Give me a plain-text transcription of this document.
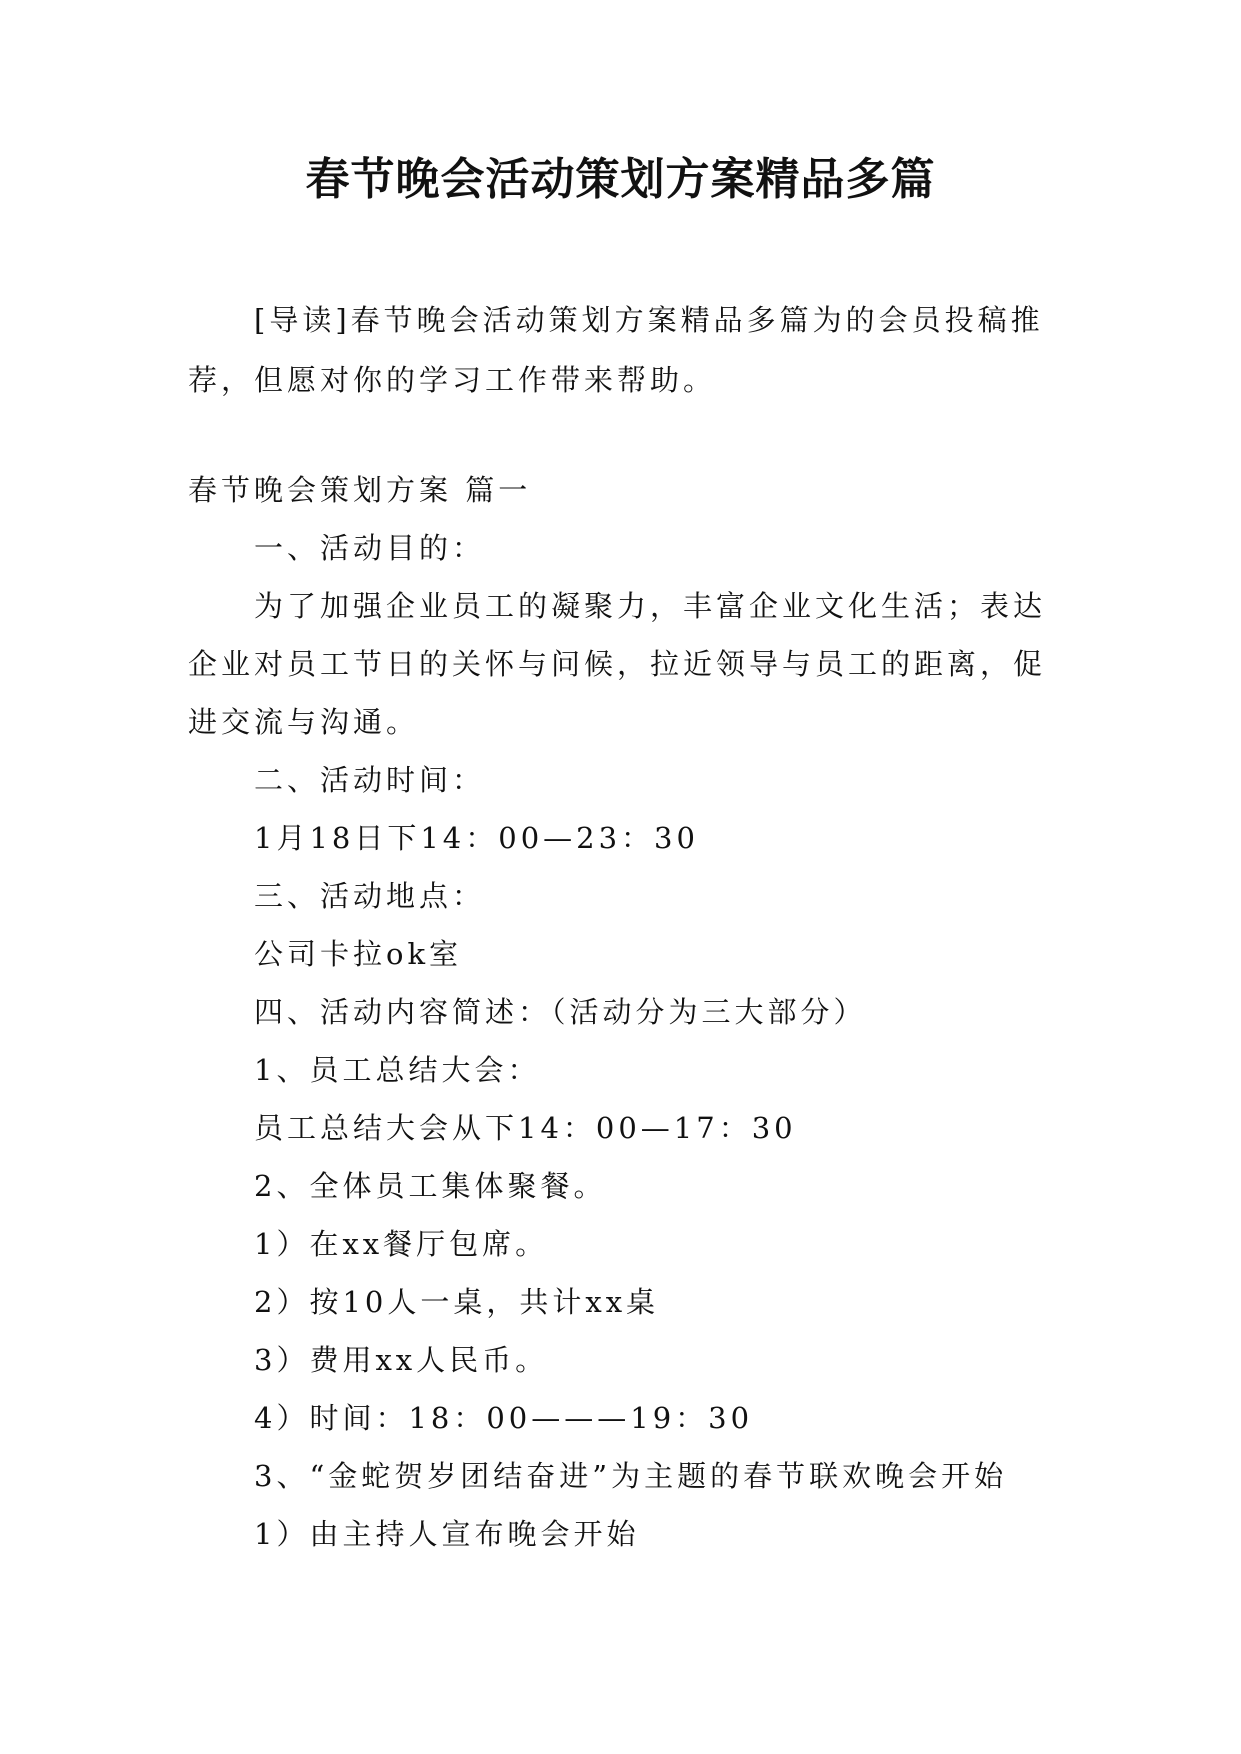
春节晚会活动策划方案精品多篇
[导读]春节晚会活动策划方案精品多篇为的会员投稿推荐，但愿对你的学习工作带来帮助。

春节晚会策划方案 篇一

一、活动目的：

为了加强企业员工的凝聚力，丰富企业文化生活；表达企业对员工节日的关怀与问候，拉近领导与员工的距离，促进交流与沟通。

二、活动时间：

1月18日下14：00—23：30

三、活动地点：

公司卡拉ok室

四、活动内容简述：（活动分为三大部分）

1、员工总结大会：

员工总结大会从下14：00—17：30

2、全体员工集体聚餐。

1）在xx餐厅包席。

2）按10人一桌，共计xx桌

3）费用xx人民币。

4）时间：18：00———19：30

3、“金蛇贺岁团结奋进”为主题的春节联欢晚会开始

1）由主持人宣布晚会开始
